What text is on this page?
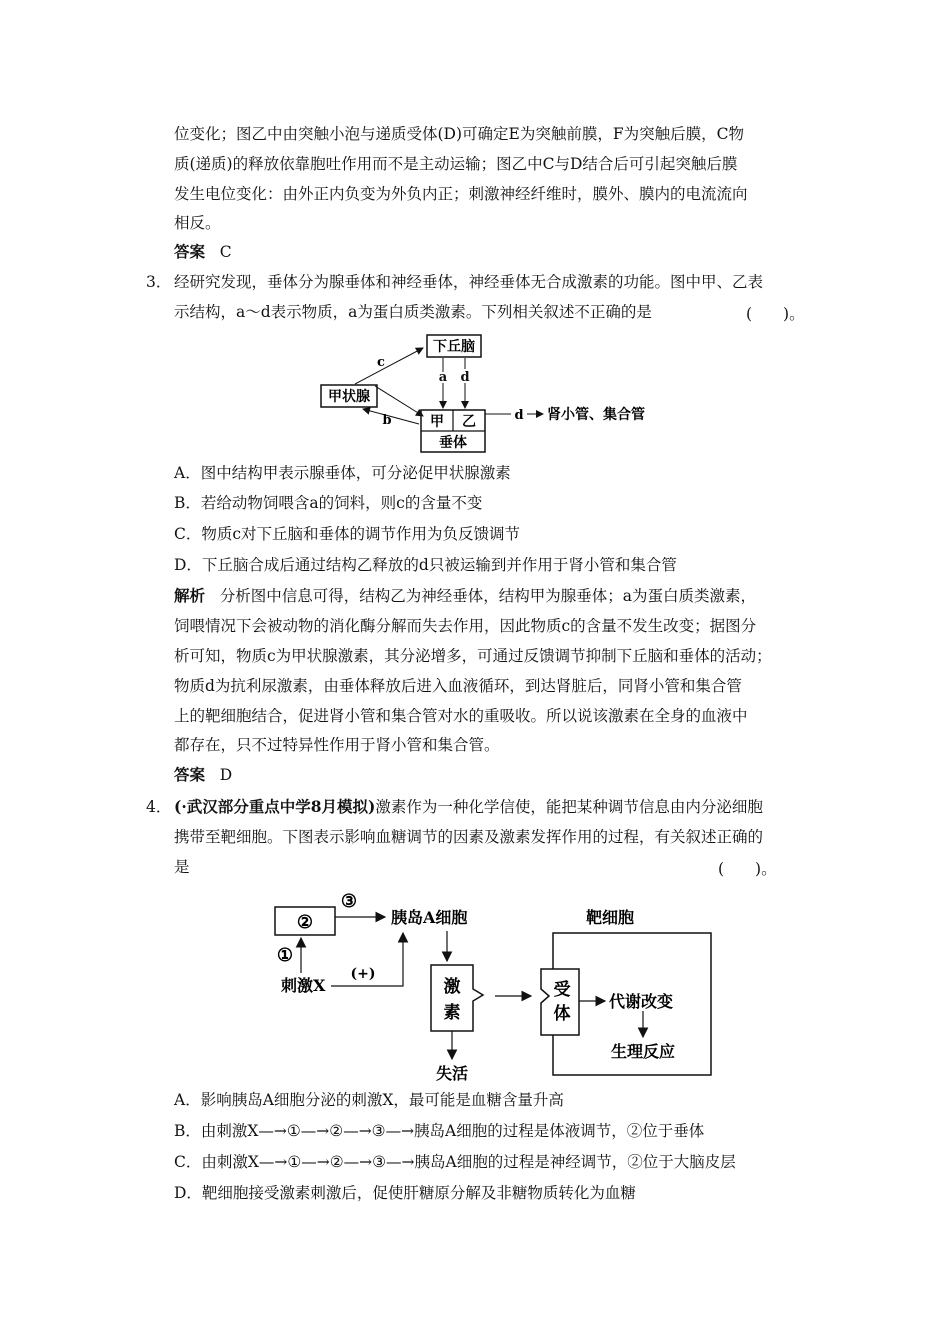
位变化；图乙中由突触小泡与递质受体(D)可确定E为突触前膜，F为突触后膜，C物
质(递质)的释放依靠胞吐作用而不是主动运输；图乙中C与D结合后可引起突触后膜
发生电位变化：由外正内负变为外负内正；刺激神经纤维时，膜外、膜内的电流流向
相反。
答案 C
3． 经研究发现，垂体分为腺垂体和神经垂体，神经垂体无合成激素的功能。图中甲、乙表
示结构，a～d表示物质，a为蛋白质类激素。下列相关叙述不正确的是	(　　)。
下丘脑
甲状腺
甲 乙
垂体
a d
c
b	d 肾小管、集合管
A．图中结构甲表示腺垂体，可分泌促甲状腺激素
B．若给动物饲喂含a的饲料，则c的含量不变
C．物质c对下丘脑和垂体的调节作用为负反馈调节
D．下丘脑合成后通过结构乙释放的d只被运输到并作用于肾小管和集合管
解析 分析图中信息可得，结构乙为神经垂体，结构甲为腺垂体；a为蛋白质类激素，
饲喂情况下会被动物的消化酶分解而失去作用，因此物质c的含量不发生改变；据图分
析可知，物质c为甲状腺激素，其分泌增多，可通过反馈调节抑制下丘脑和垂体的活动；
物质d为抗利尿激素，由垂体释放后进入血液循环，到达肾脏后，同肾小管和集合管
上的靶细胞结合，促进肾小管和集合管对水的重吸收。所以说该激素在全身的血液中
都存在，只不过特异性作用于肾小管和集合管。
答案 D
4． (·武汉部分重点中学8月模拟)激素作为一种化学信使，能把某种调节信息由内分泌细胞
携带至靶细胞。下图表示影响血糖调节的因素及激素发挥作用的过程，有关叙述正确的
是	(　　)。
②
③
胰岛A细胞
①
刺激X
(+)
激
素
失活
靶细胞
受
体
代谢改变
生理反应
A．影响胰岛A细胞分泌的刺激X，最可能是血糖含量升高
B．由刺激X—→①—→②—→③—→胰岛A细胞的过程是体液调节，②位于垂体
C．由刺激X—→①—→②—→③—→胰岛A细胞的过程是神经调节，②位于大脑皮层
D．靶细胞接受激素刺激后，促使肝糖原分解及非糖物质转化为血糖
